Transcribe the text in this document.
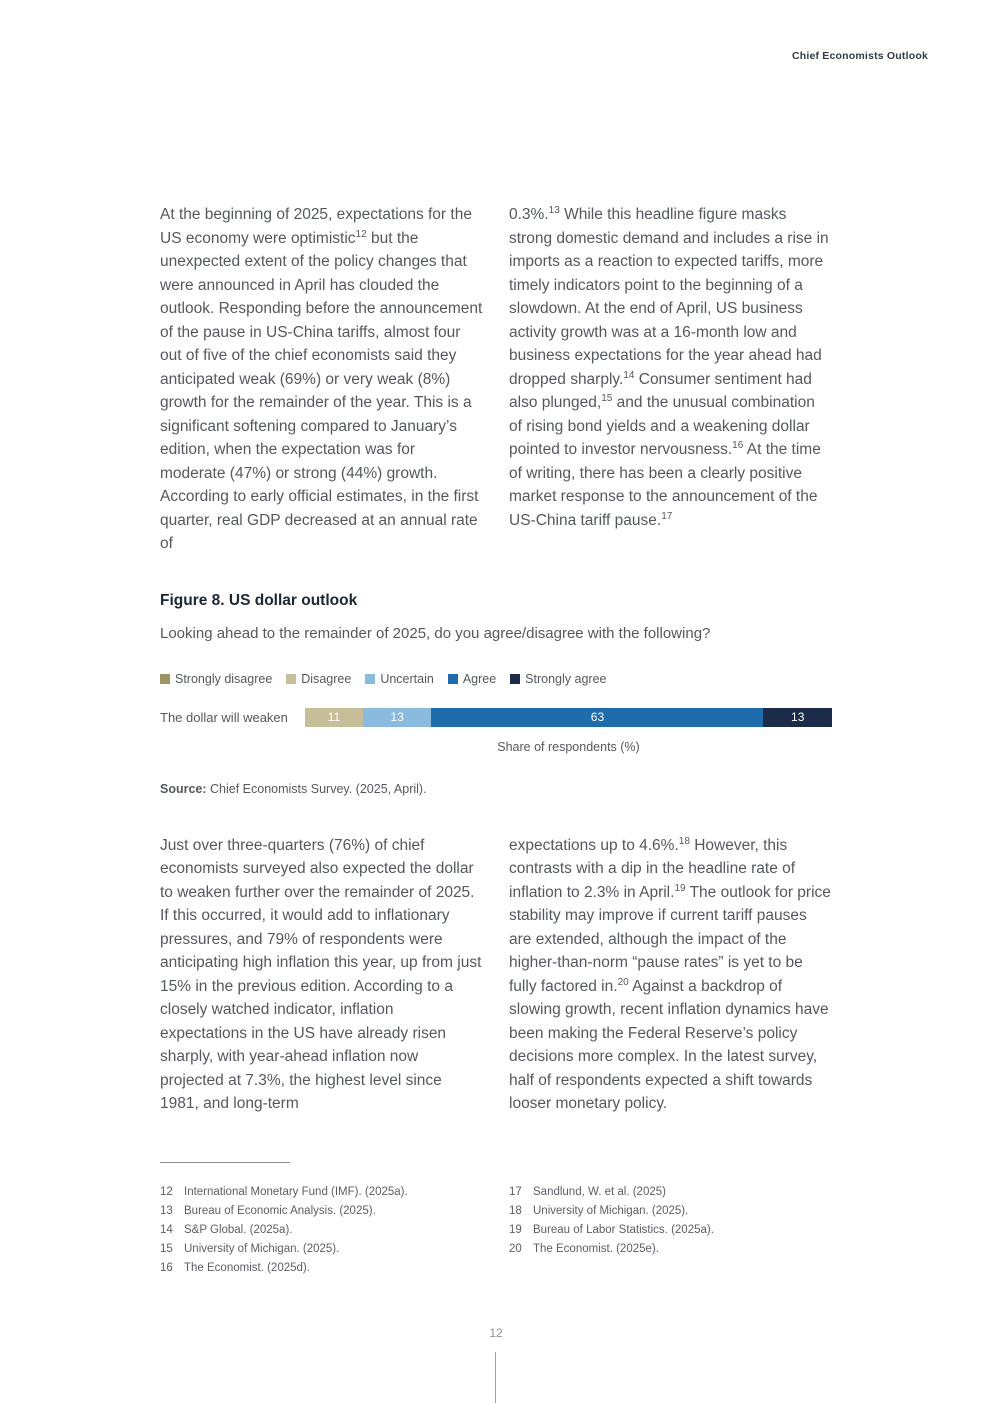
Chief Economists Outlook
At the beginning of 2025, expectations for the US economy were optimistic$^{12}$ but the unexpected extent of the policy changes that were announced in April has clouded the outlook. Responding before the announcement of the pause in US-China tariffs, almost four out of five of the chief economists said they anticipated weak (69%) or very weak (8%) growth for the remainder of the year. This is a significant softening compared to January’s edition, when the expectation was for moderate (47%) or strong (44%) growth. According to early official estimates, in the first quarter, real GDP decreased at an annual rate of
0.3%.$^{13}$ While this headline figure masks strong domestic demand and includes a rise in imports as a reaction to expected tariffs, more timely indicators point to the beginning of a slowdown. At the end of April, US business activity growth was at a 16-month low and business expectations for the year ahead had dropped sharply.$^{14}$ Consumer sentiment had also plunged,$^{15}$ and the unusual combination of rising bond yields and a weakening dollar pointed to investor nervousness.$^{16}$ At the time of writing, there has been a clearly positive market response to the announcement of the US-China tariff pause.$^{17}$
Figure 8. US dollar outlook
Looking ahead to the remainder of 2025, do you agree/disagree with the following?
Strongly disagree Disagree Uncertain Agree Strongly agree
The dollar will weaken	11	13	63	13
Share of respondents (%)
Source: Chief Economists Survey. (2025, April).
Just over three-quarters (76%) of chief economists surveyed also expected the dollar to weaken further over the remainder of 2025. If this occurred, it would add to inflationary pressures, and 79% of respondents were anticipating high inflation this year, up from just 15% in the previous edition. According to a closely watched indicator, inflation expectations in the US have already risen sharply, with year-ahead inflation now projected at 7.3%, the highest level since 1981, and long-term
expectations up to 4.6%.$^{18}$ However, this contrasts with a dip in the headline rate of inflation to 2.3% in April.$^{19}$ The outlook for price stability may improve if current tariff pauses are extended, although the impact of the higher-than-norm “pause rates” is yet to be fully factored in.$^{20}$ Against a backdrop of slowing growth, recent inflation dynamics have been making the Federal Reserve’s policy decisions more complex. In the latest survey, half of respondents expected a shift towards looser monetary policy.
12 International Monetary Fund (IMF). (2025a).
13 Bureau of Economic Analysis. (2025).
14 S&P Global. (2025a).
15 University of Michigan. (2025).
16 The Economist. (2025d).
17 Sandlund, W. et al. (2025)
18 University of Michigan. (2025).
19 Bureau of Labor Statistics. (2025a).
20 The Economist. (2025e).
12
